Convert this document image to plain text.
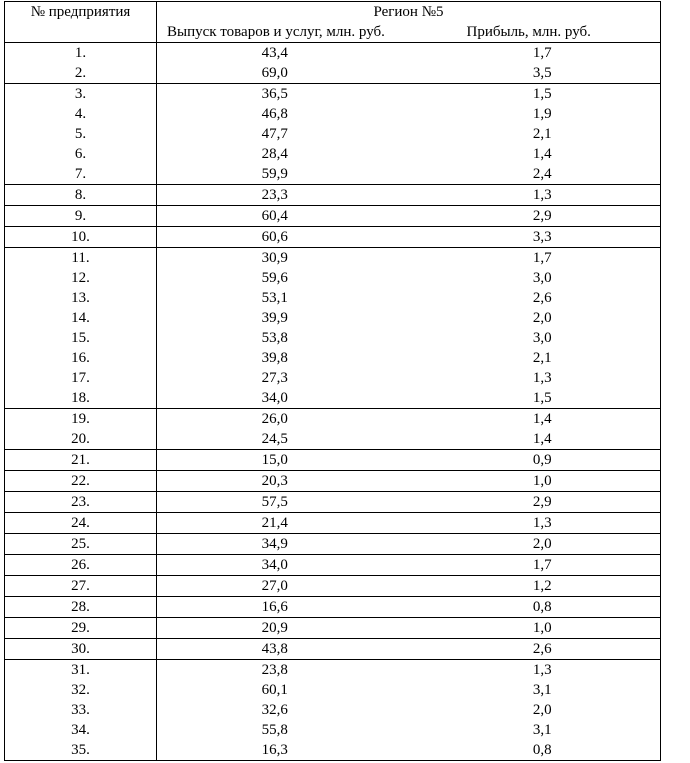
№ предприятия	Регион №5	
	Выпуск товаров и услуг, млн. руб.	Прибыль, млн. руб.
1.	43,4	1,7
2.	69,0	3,5
3.	36,5	1,5
4.	46,8	1,9
5.	47,7	2,1
6.	28,4	1,4
7.	59,9	2,4
8.	23,3	1,3
9.	60,4	2,9
10.	60,6	3,3
11.	30,9	1,7
12.	59,6	3,0
13.	53,1	2,6
14.	39,9	2,0
15.	53,8	3,0
16.	39,8	2,1
17.	27,3	1,3
18.	34,0	1,5
19.	26,0	1,4
20.	24,5	1,4
21.	15,0	0,9
22.	20,3	1,0
23.	57,5	2,9
24.	21,4	1,3
25.	34,9	2,0
26.	34,0	1,7
27.	27,0	1,2
28.	16,6	0,8
29.	20,9	1,0
30.	43,8	2,6
31.	23,8	1,3
32.	60,1	3,1
33.	32,6	2,0
34.	55,8	3,1
35.	16,3	0,8
